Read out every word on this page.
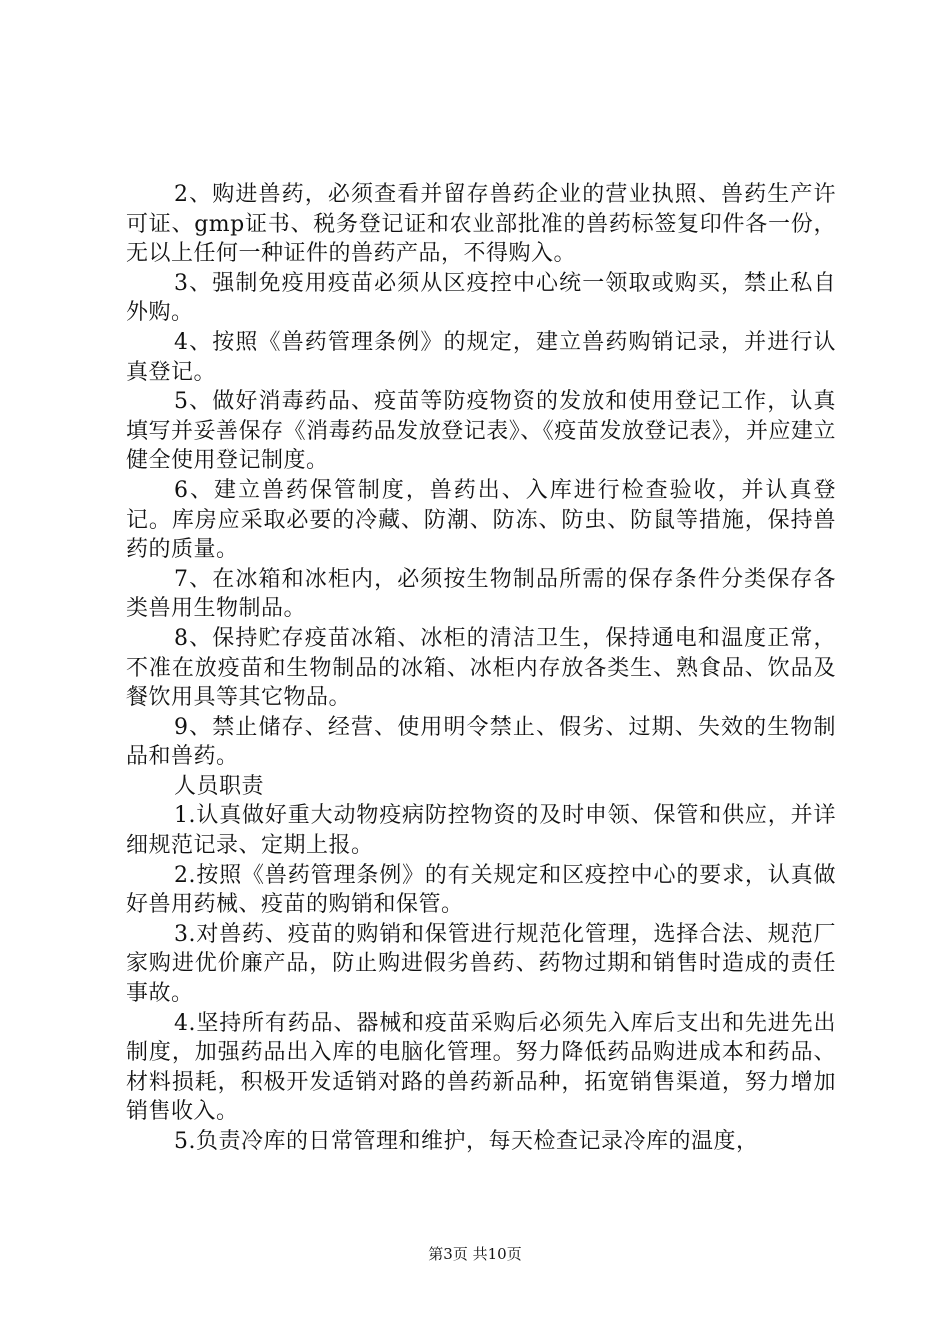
2、购进兽药，必须查看并留存兽药企业的营业执照、兽药生产许可证、gmp证书、税务登记证和农业部批准的兽药标签复印件各一份，无以上任何一种证件的兽药产品，不得购入。

3、强制免疫用疫苗必须从区疫控中心统一领取或购买，禁止私自外购。

4、按照《兽药管理条例》的规定，建立兽药购销记录，并进行认真登记。

5、做好消毒药品、疫苗等防疫物资的发放和使用登记工作，认真填写并妥善保存《消毒药品发放登记表》、《疫苗发放登记表》，并应建立健全使用登记制度。

6、建立兽药保管制度，兽药出、入库进行检查验收，并认真登记。库房应采取必要的冷藏、防潮、防冻、防虫、防鼠等措施，保持兽药的质量。

7、在冰箱和冰柜内，必须按生物制品所需的保存条件分类保存各类兽用生物制品。

8、保持贮存疫苗冰箱、冰柜的清洁卫生，保持通电和温度正常，不准在放疫苗和生物制品的冰箱、冰柜内存放各类生、熟食品、饮品及餐饮用具等其它物品。

9、禁止储存、经营、使用明令禁止、假劣、过期、失效的生物制品和兽药。

人员职责

1.认真做好重大动物疫病防控物资的及时申领、保管和供应，并详细规范记录、定期上报。

2.按照《兽药管理条例》的有关规定和区疫控中心的要求，认真做好兽用药械、疫苗的购销和保管。

3.对兽药、疫苗的购销和保管进行规范化管理，选择合法、规范厂家购进优价廉产品，防止购进假劣兽药、药物过期和销售时造成的责任事故。

4.坚持所有药品、器械和疫苗采购后必须先入库后支出和先进先出制度，加强药品出入库的电脑化管理。努力降低药品购进成本和药品、材料损耗，积极开发适销对路的兽药新品种，拓宽销售渠道，努力增加销售收入。

5.负责冷库的日常管理和维护，每天检查记录冷库的温度，

第3页 共10页
